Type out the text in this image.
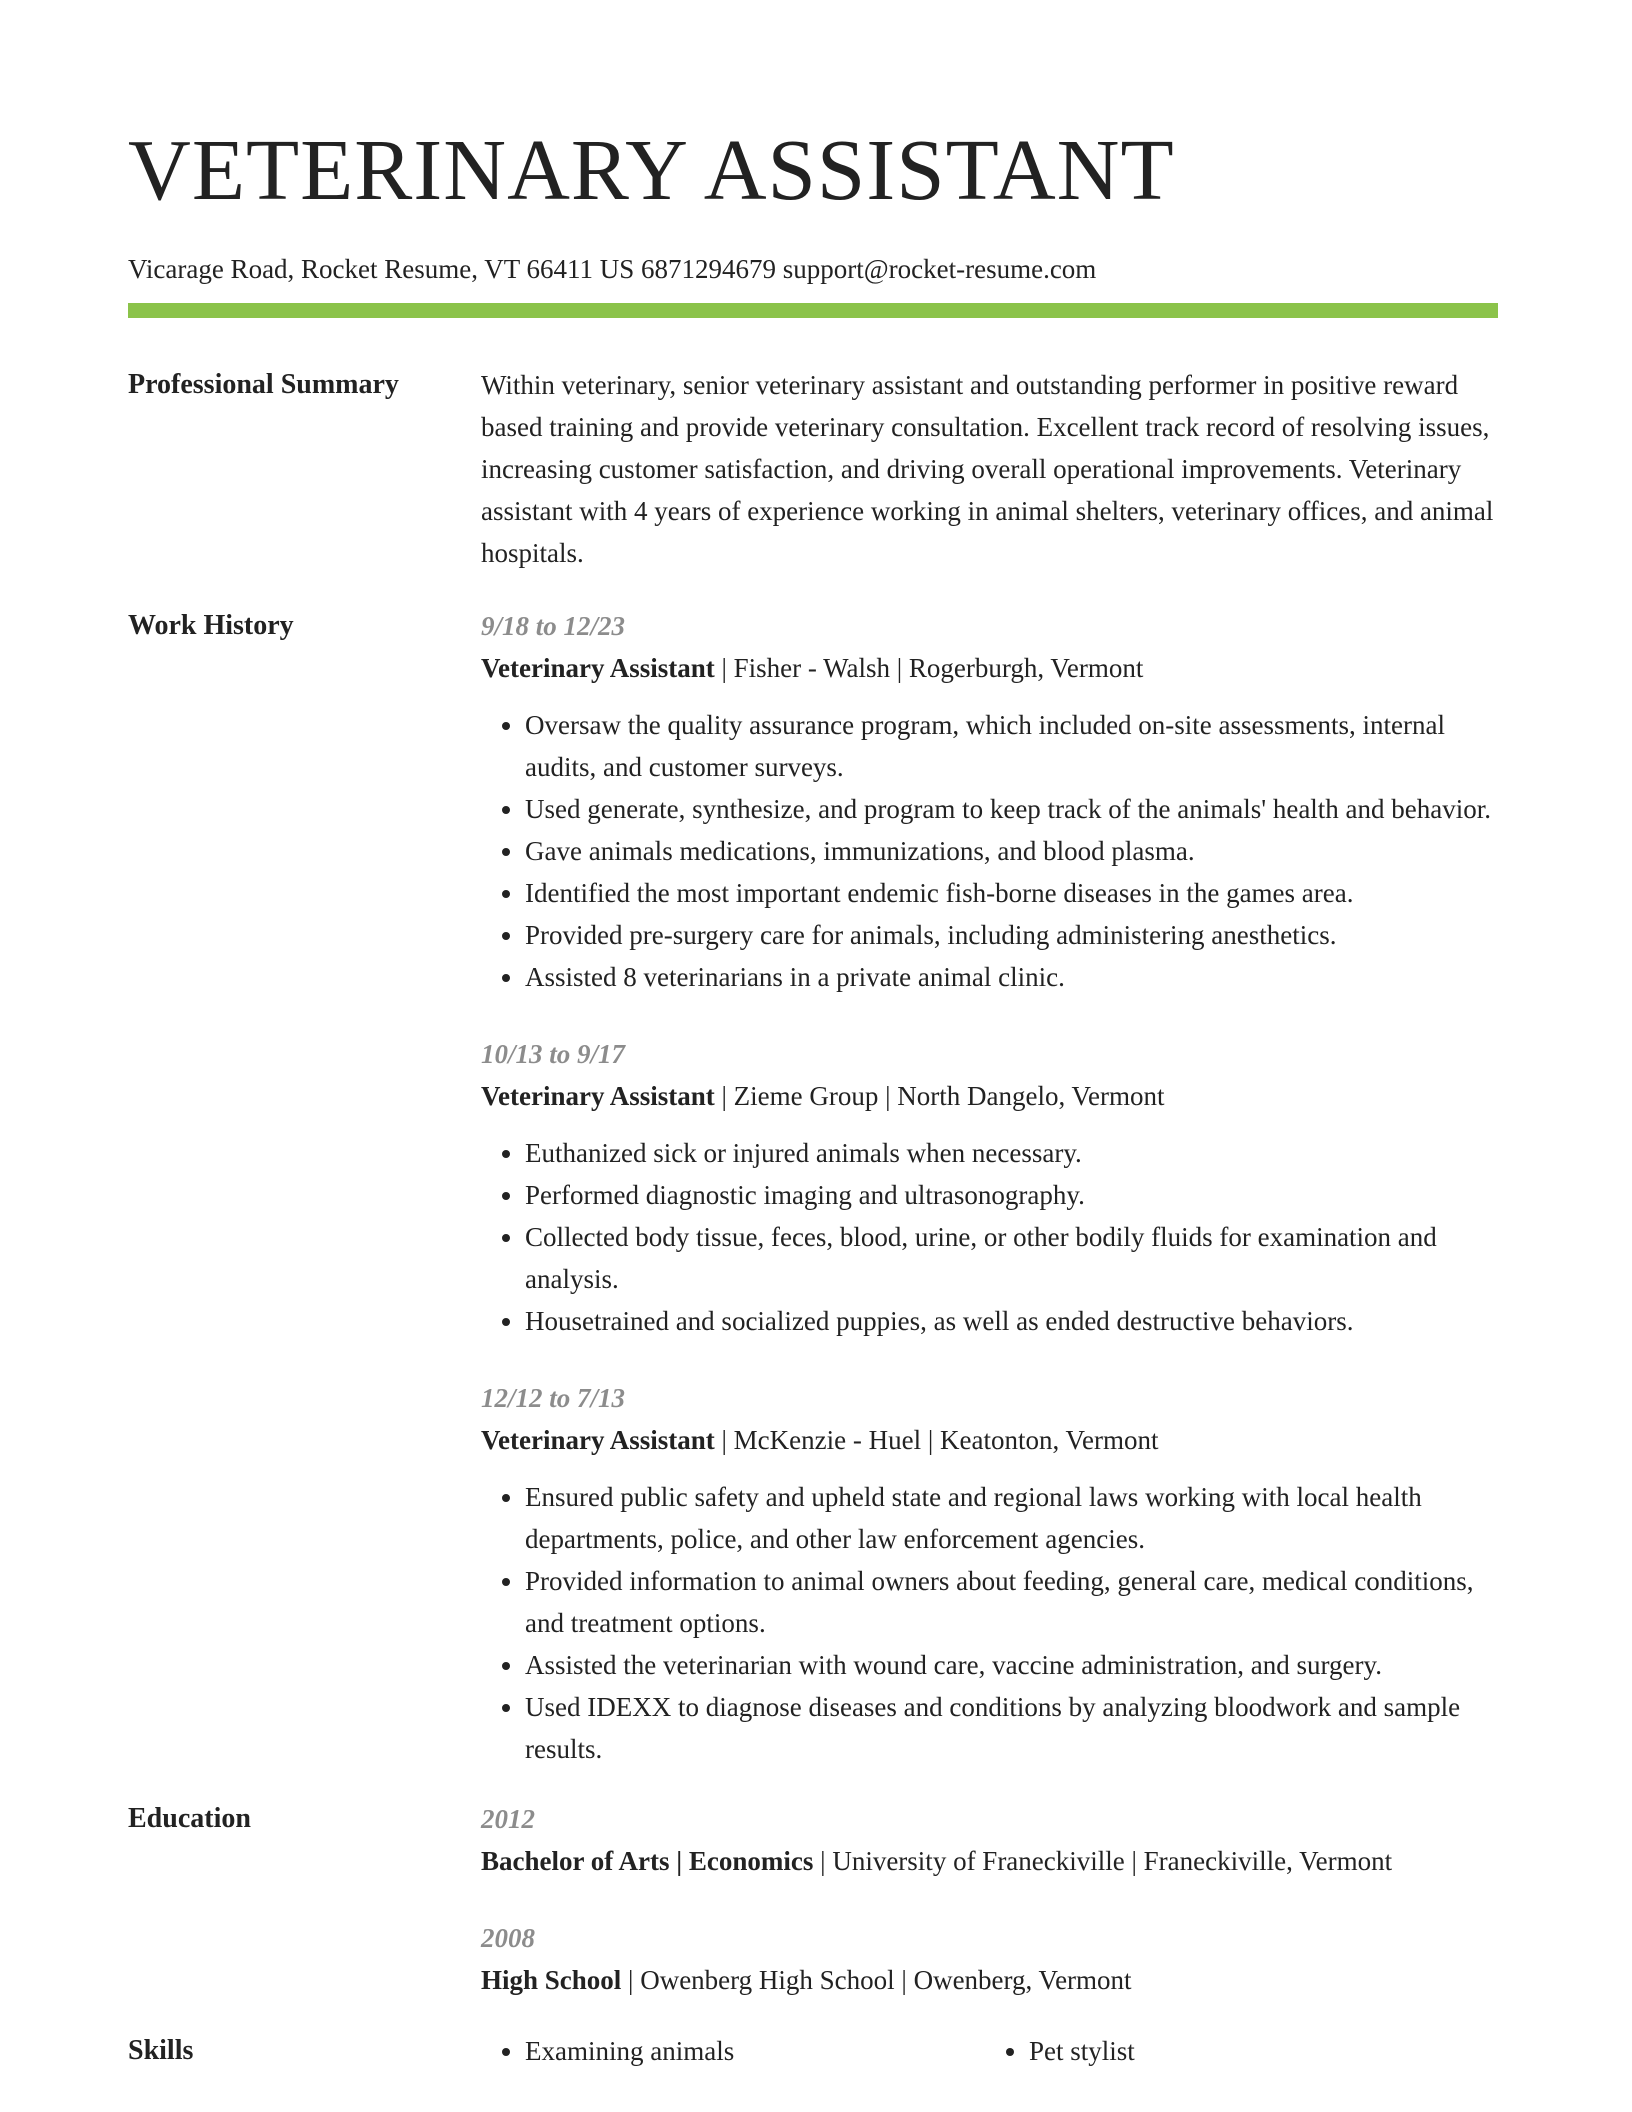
VETERINARY ASSISTANT
Vicarage Road, Rocket Resume, VT 66411 US 6871294679 support@rocket-resume.com
Professional Summary	Within veterinary, senior veterinary assistant and outstanding performer in positive reward based training and provide veterinary consultation. Excellent track record of resolving issues, increasing customer satisfaction, and driving overall operational improvements. Veterinary assistant with 4 years of experience working in animal shelters, veterinary offices, and animal hospitals.

Work History	9/18 to 12/23
Veterinary Assistant | Fisher - Walsh | Rogerburgh, Vermont
• Oversaw the quality assurance program, which included on-site assessments, internal audits, and customer surveys.
• Used generate, synthesize, and program to keep track of the animals' health and behavior.
• Gave animals medications, immunizations, and blood plasma.
• Identified the most important endemic fish-borne diseases in the games area.
• Provided pre-surgery care for animals, including administering anesthetics.
• Assisted 8 veterinarians in a private animal clinic.
10/13 to 9/17
Veterinary Assistant | Zieme Group | North Dangelo, Vermont
• Euthanized sick or injured animals when necessary.
• Performed diagnostic imaging and ultrasonography.
• Collected body tissue, feces, blood, urine, or other bodily fluids for examination and analysis.
• Housetrained and socialized puppies, as well as ended destructive behaviors.
12/12 to 7/13
Veterinary Assistant | McKenzie - Huel | Keatonton, Vermont
• Ensured public safety and upheld state and regional laws working with local health departments, police, and other law enforcement agencies.
• Provided information to animal owners about feeding, general care, medical conditions, and treatment options.
• Assisted the veterinarian with wound care, vaccine administration, and surgery.
• Used IDEXX to diagnose diseases and conditions by analyzing bloodwork and sample results.
Education	2012
Bachelor of Arts | Economics | University of Franeckiville | Franeckiville, Vermont
2008
High School | Owenberg High School | Owenberg, Vermont
Skills	• Examining animals	• Pet stylist
